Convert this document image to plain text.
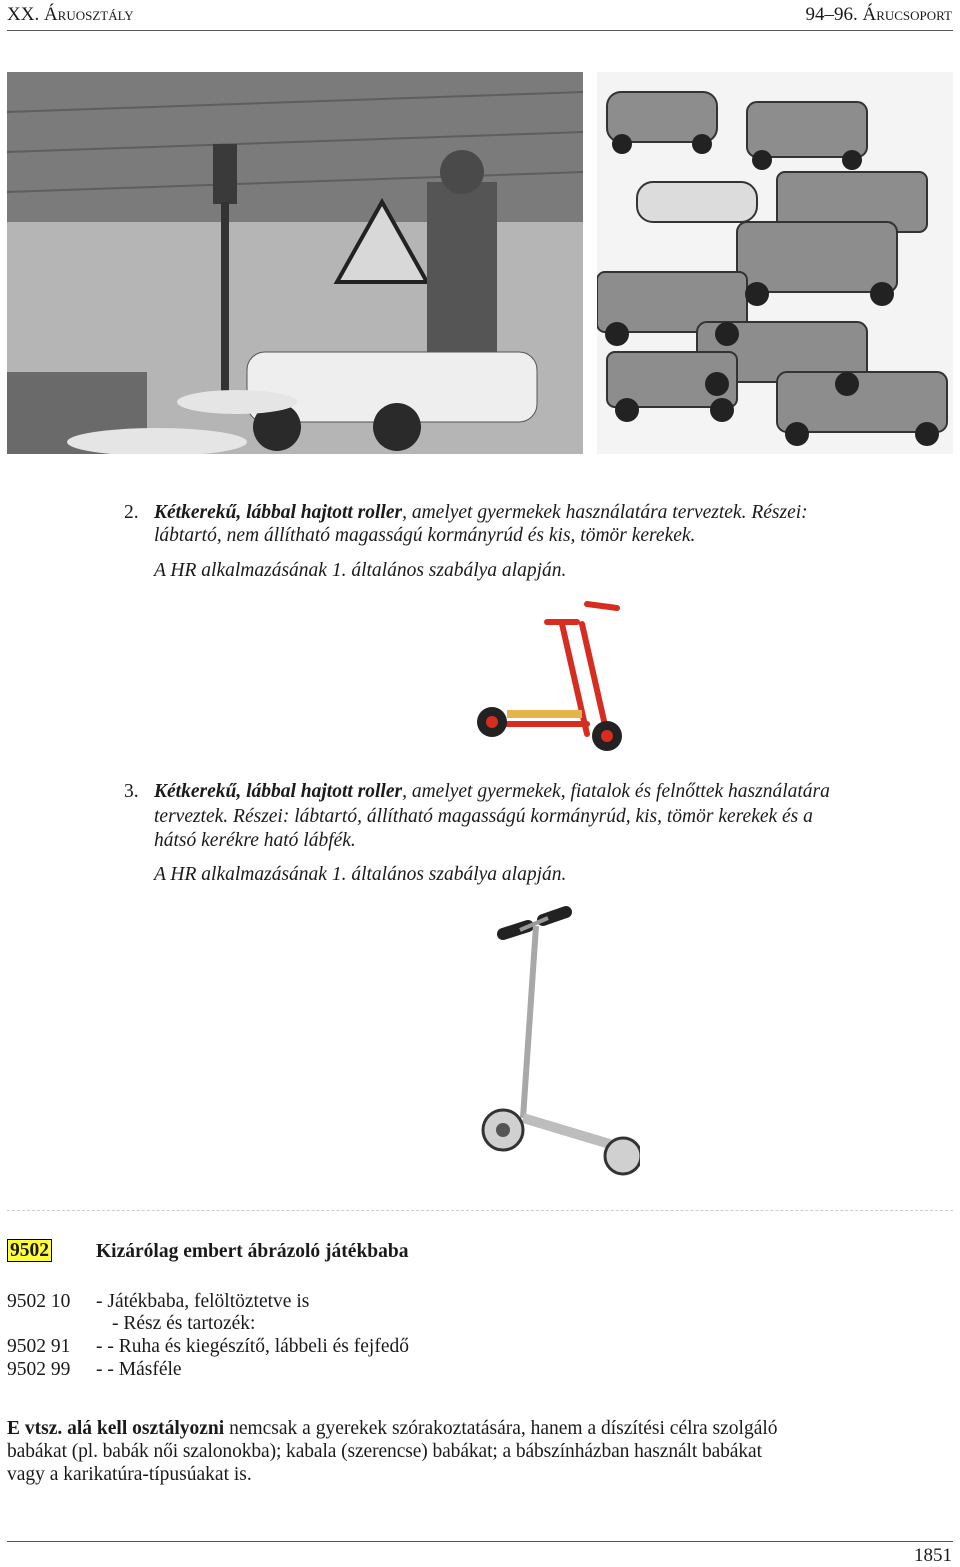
XX. Áruosztály	94–96. Árucsoport
2. Kétkerekű, lábbal hajtott roller, amelyet gyermekek használatára terveztek. Részei:
lábtartó, nem állítható magasságú kormányrúd és kis, tömör kerekek.
A HR alkalmazásának 1. általános szabálya alapján.
3. Kétkerekű, lábbal hajtott roller, amelyet gyermekek, fiatalok és felnőttek használatára
terveztek. Részei: lábtartó, állítható magasságú kormányrúd, kis, tömör kerekek és a
hátsó kerékre ható lábfék.
A HR alkalmazásának 1. általános szabálya alapján.
9502 Kizárólag embert ábrázoló játékbaba
9502 10 - Játékbaba, felöltöztetve is
- Rész és tartozék:
9502 91 - - Ruha és kiegészítő, lábbeli és fejfedő
9502 99 - - Másféle
E vtsz. alá kell osztályozni nemcsak a gyerekek szórakoztatására, hanem a díszítési célra szolgáló
babákat (pl. babák női szalonokba); kabala (szerencse) babákat; a bábszínházban használt babákat
vagy a karikatúra-típusúakat is.
1851
